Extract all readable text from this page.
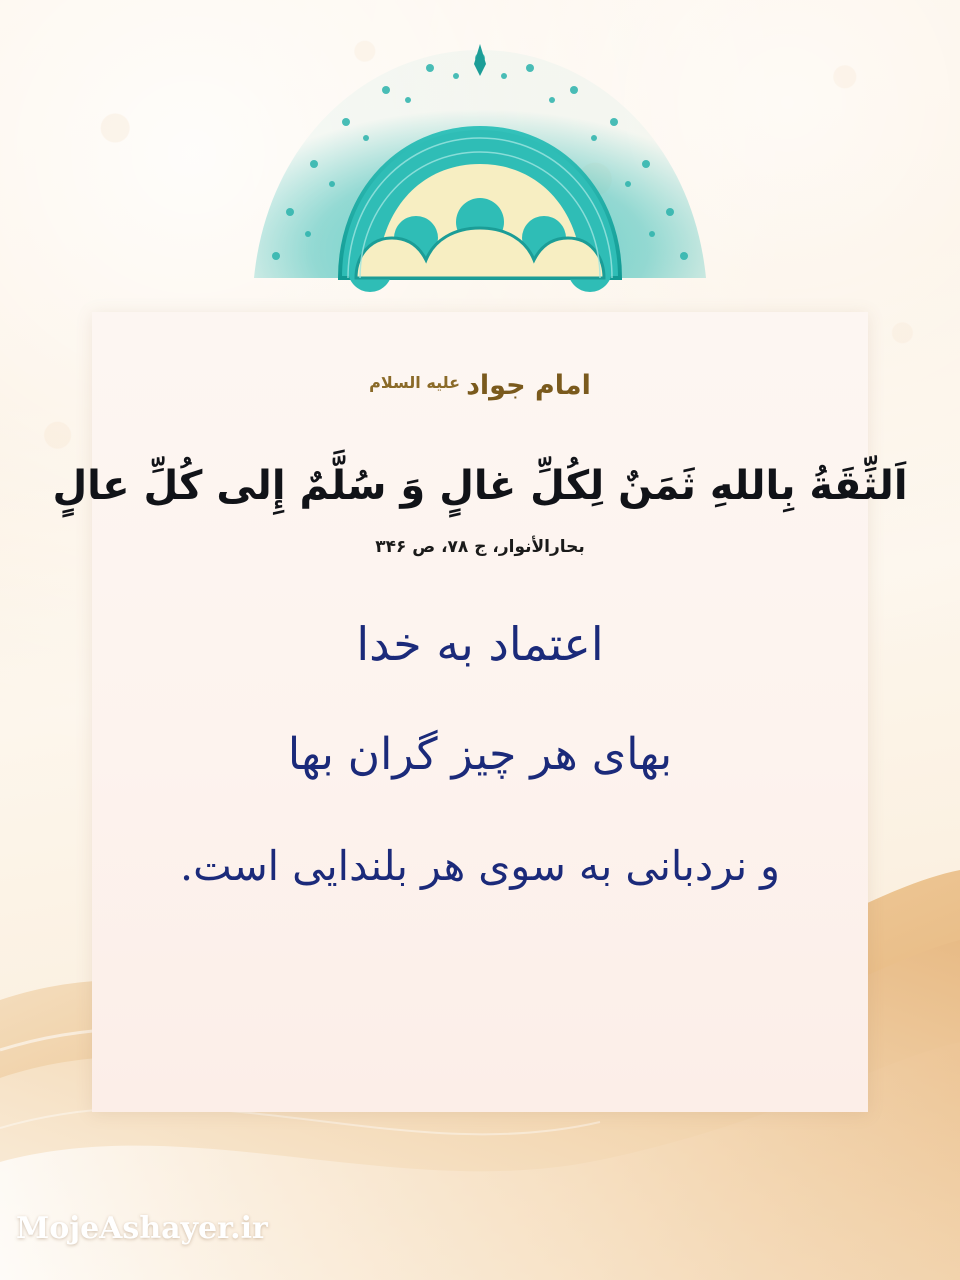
امام جواد$^{علیه السلام}$
اَلثِّقَةُ بِاللهِ ثَمَنٌ لِكُلِّ غالٍ وَ سُلَّمٌ إِلى كُلِّ عالٍ
بحارالأنوار، ج ۷۸، ص ۳۴۶
اعتماد به خدا
بهای هر چیز گران بها
و نردبانی به سوی هر بلندایی است.
MojeAshayer.ir
